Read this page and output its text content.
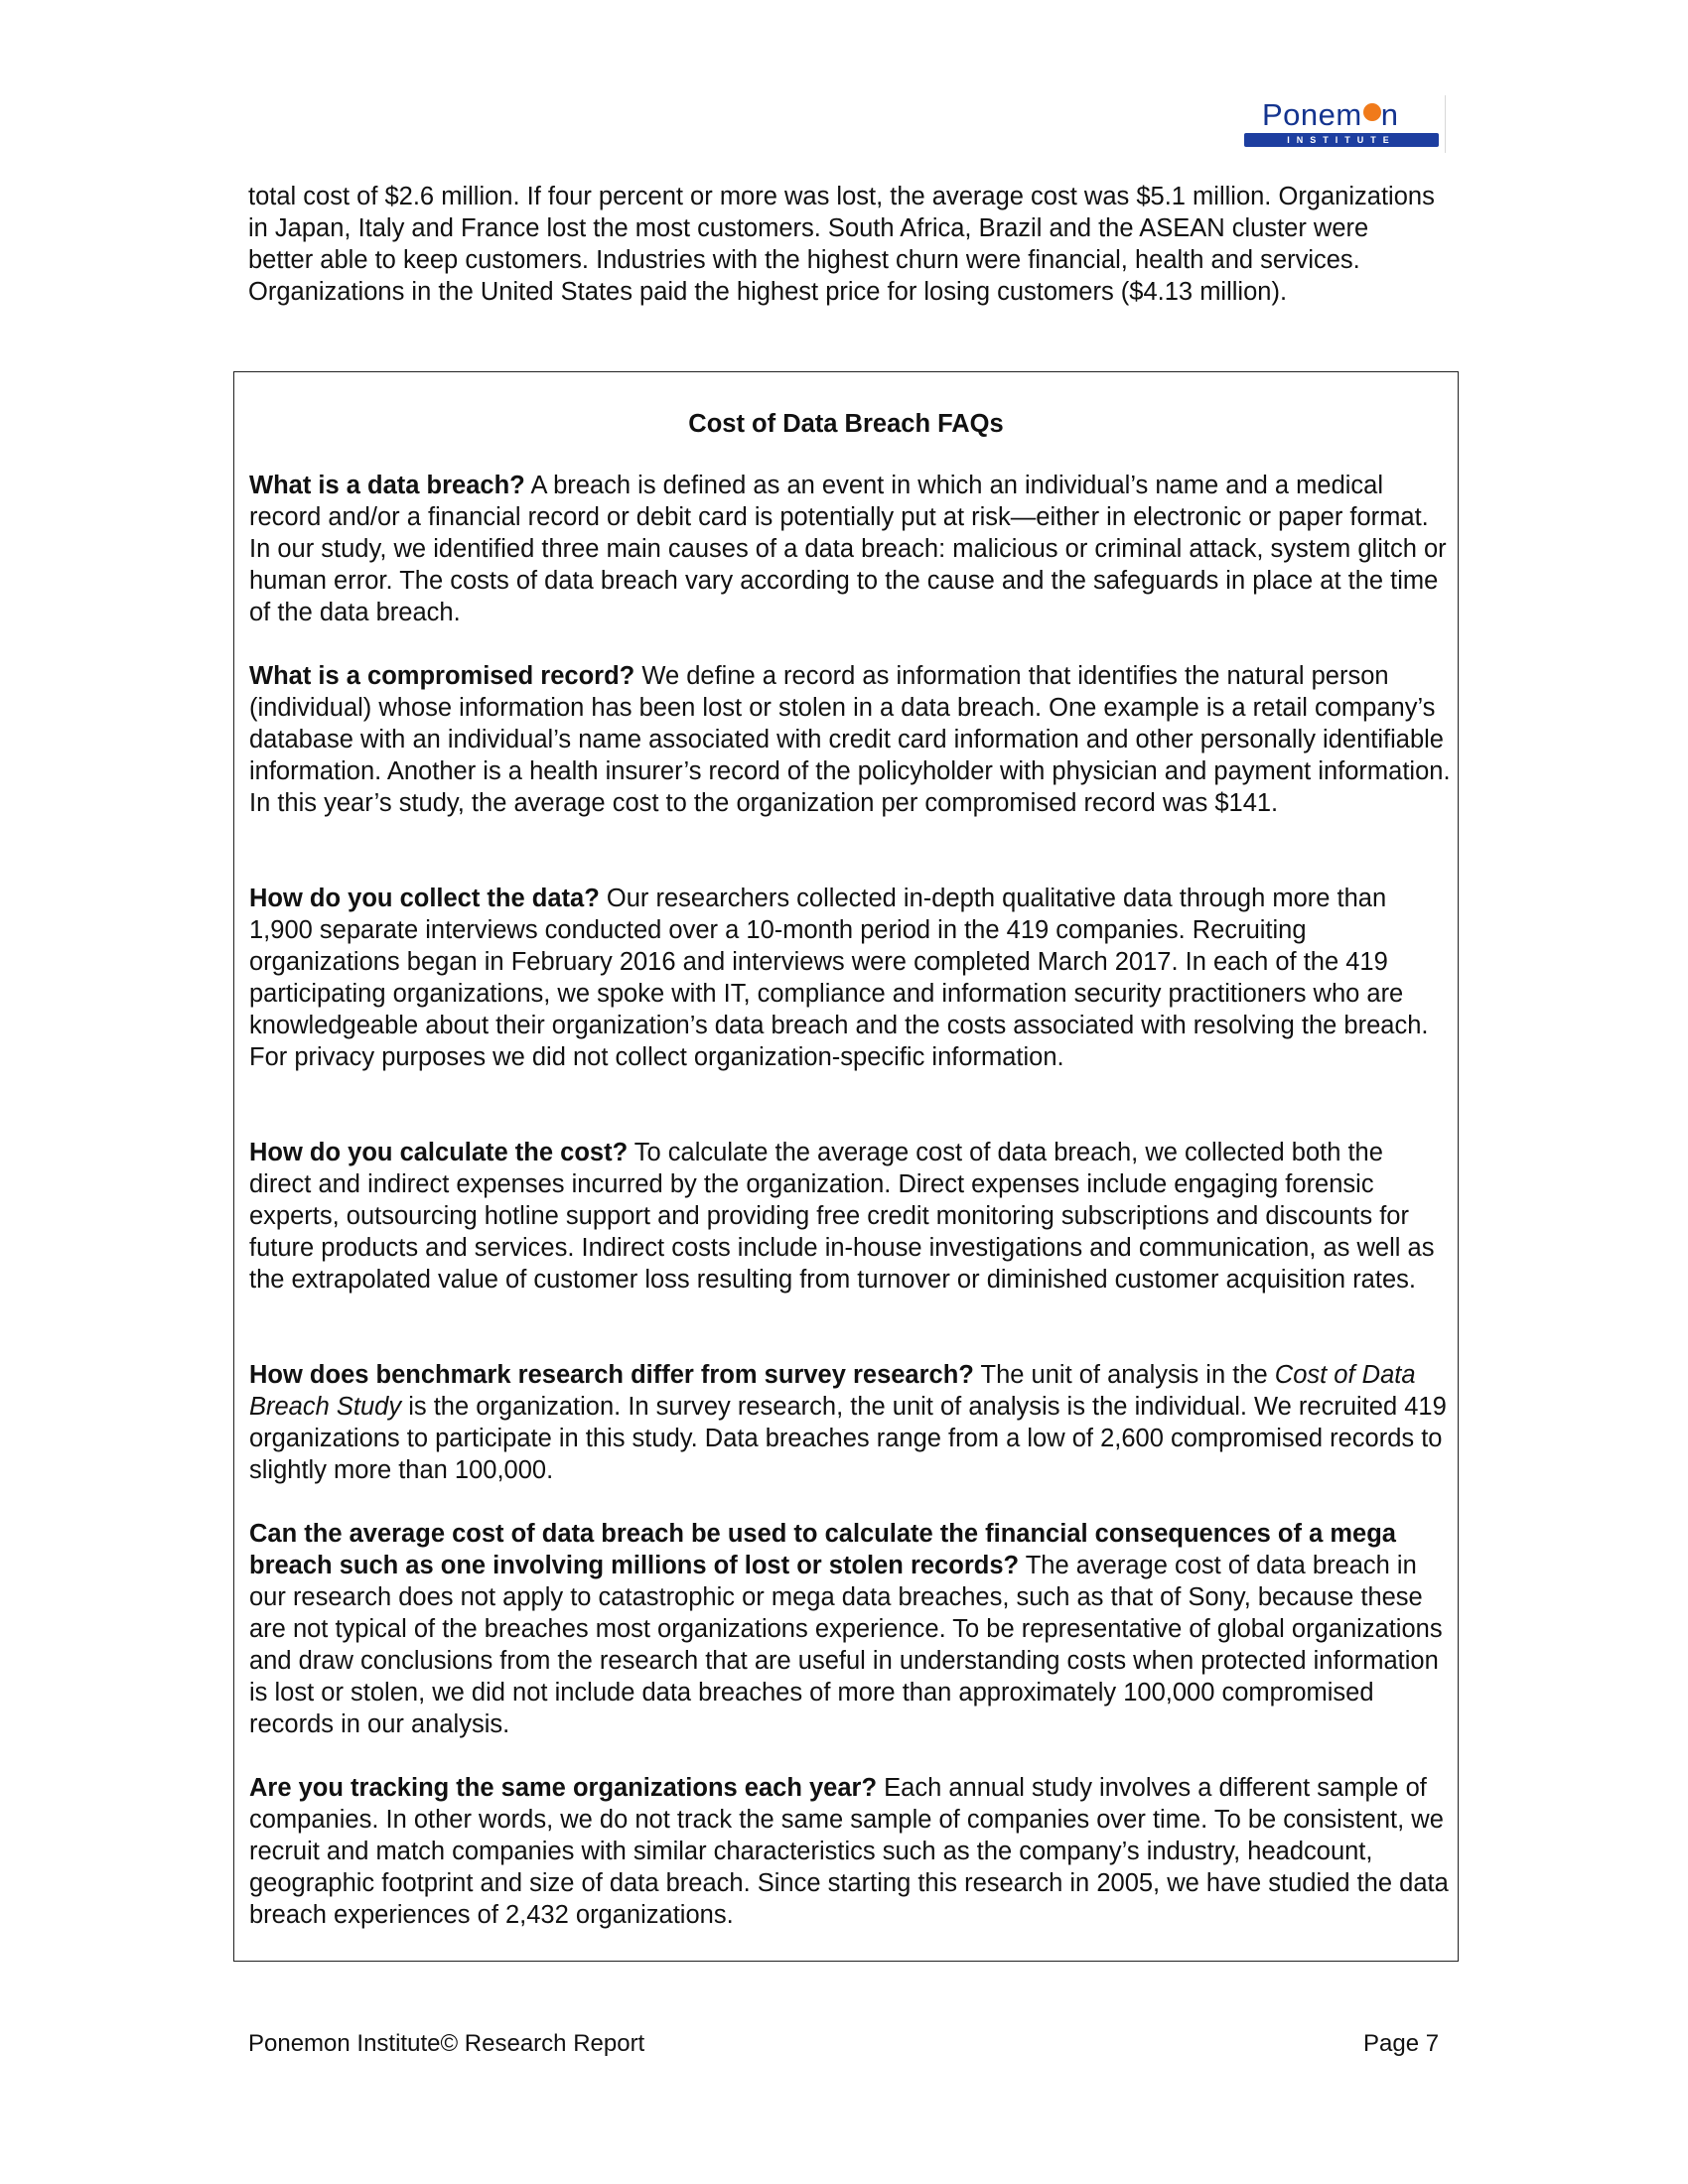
Ponem n
INSTITUTE

total cost of $2.6 million. If four percent or more was lost, the average cost was $5.1 million. Organizations in Japan, Italy and France lost the most customers. South Africa, Brazil and the ASEAN cluster were better able to keep customers. Industries with the highest churn were financial, health and services. Organizations in the United States paid the highest price for losing customers ($4.13 million).

Cost of Data Breach FAQs

What is a data breach? A breach is defined as an event in which an individual’s name and a medical record and/or a financial record or debit card is potentially put at risk—either in electronic or paper format. In our study, we identified three main causes of a data breach: malicious or criminal attack, system glitch or human error. The costs of data breach vary according to the cause and the safeguards in place at the time of the data breach.

What is a compromised record? We define a record as information that identifies the natural person (individual) whose information has been lost or stolen in a data breach. One example is a retail company’s database with an individual’s name associated with credit card information and other personally identifiable information. Another is a health insurer’s record of the policyholder with physician and payment information. In this year’s study, the average cost to the organization per compromised record was $141.

How do you collect the data? Our researchers collected in-depth qualitative data through more than 1,900 separate interviews conducted over a 10-month period in the 419 companies. Recruiting organizations began in February 2016 and interviews were completed March 2017. In each of the 419 participating organizations, we spoke with IT, compliance and information security practitioners who are knowledgeable about their organization’s data breach and the costs associated with resolving the breach. For privacy purposes we did not collect organization-specific information.

How do you calculate the cost? To calculate the average cost of data breach, we collected both the direct and indirect expenses incurred by the organization. Direct expenses include engaging forensic experts, outsourcing hotline support and providing free credit monitoring subscriptions and discounts for future products and services. Indirect costs include in-house investigations and communication, as well as the extrapolated value of customer loss resulting from turnover or diminished customer acquisition rates.

How does benchmark research differ from survey research? The unit of analysis in the Cost of Data Breach Study is the organization. In survey research, the unit of analysis is the individual. We recruited 419 organizations to participate in this study. Data breaches range from a low of 2,600 compromised records to slightly more than 100,000.

Can the average cost of data breach be used to calculate the financial consequences of a mega breach such as one involving millions of lost or stolen records? The average cost of data breach in our research does not apply to catastrophic or mega data breaches, such as that of Sony, because these are not typical of the breaches most organizations experience. To be representative of global organizations and draw conclusions from the research that are useful in understanding costs when protected information is lost or stolen, we did not include data breaches of more than approximately 100,000 compromised records in our analysis.

Are you tracking the same organizations each year? Each annual study involves a different sample of companies. In other words, we do not track the same sample of companies over time. To be consistent, we recruit and match companies with similar characteristics such as the company’s industry, headcount, geographic footprint and size of data breach. Since starting this research in 2005, we have studied the data breach experiences of 2,432 organizations.

Ponemon Institute© Research Report	Page 7
